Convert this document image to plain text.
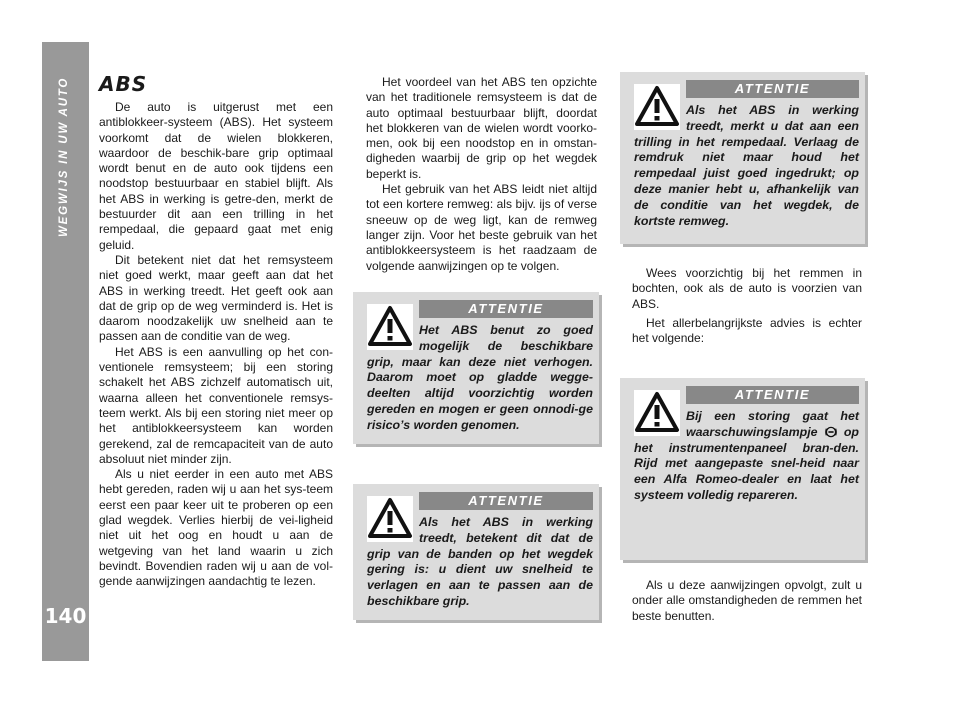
WEGWIJS IN UW AUTO
140
ABS

De auto is uitgerust met een antiblokkeer-systeem (ABS). Het systeem voorkomt dat de wielen blokkeren, waardoor de beschik-bare grip optimaal wordt benut en de auto ook tijdens een noodstop bestuurbaar en stabiel blijft. Als het ABS in werking is getre-den, merkt de bestuurder dit aan een trilling in het rempedaal, die gepaard gaat met enig geluid.

Dit betekent niet dat het remsysteem niet goed werkt, maar geeft aan dat het ABS in werking treedt. Het geeft ook aan dat de grip op de weg verminderd is. Het is daarom noodzakelijk uw snelheid aan te passen aan de conditie van de weg.

Het ABS is een aanvulling op het con-ventionele remsysteem; bij een storing schakelt het ABS zichzelf automatisch uit, waarna alleen het conventionele remsys-teem werkt. Als bij een storing niet meer op het antiblokkeersysteem kan worden gerekend, zal de remcapaciteit van de auto absoluut niet minder zijn.

Als u niet eerder in een auto met ABS hebt gereden, raden wij u aan het sys-teem eerst een paar keer uit te proberen op een glad wegdek. Verlies hierbij de vei-ligheid niet uit het oog en houdt u aan de wetgeving van het land waarin u zich bevindt. Bovendien raden wij u aan de vol-gende aanwijzingen aandachtig te lezen.

Het voordeel van het ABS ten opzichte van het traditionele remsysteem is dat de auto optimaal bestuurbaar blijft, doordat het blokkeren van de wielen wordt voorko-men, ook bij een noodstop en in omstan-digheden waarbij de grip op het wegdek beperkt is.

Het gebruik van het ABS leidt niet altijd tot een kortere remweg: als bijv. ijs of verse sneeuw op de weg ligt, kan de remweg langer zijn. Voor het beste gebruik van het antiblokkeersysteem is het raadzaam de volgende aanwijzingen op te volgen.

ATTENTIE
Het ABS benut zo goed mogelijk de beschikbare grip, maar kan deze niet verhogen. Daarom moet op gladde wegge-deelten altijd voorzichtig worden gereden en mogen er geen onnodi-ge risico’s worden genomen.
ATTENTIE
Als het ABS in werking treedt, betekent dit dat de grip van de banden op het wegdek gering is: u dient uw snelheid te verlagen en aan te passen aan de beschikbare grip.
ATTENTIE
Als het ABS in werking treedt, merkt u dat aan een trilling in het rempedaal. Verlaag de remdruk niet maar houd het rempedaal juist goed ingedrukt; op deze manier hebt u, afhankelijk van de conditie van het wegdek, de kortste remweg.

Wees voorzichtig bij het remmen in bochten, ook als de auto is voorzien van ABS.

Het allerbelangrijkste advies is echter het volgende:

ATTENTIE
Bij een storing gaat het waarschuwingslampje op het instrumentenpaneel bran-den. Rijd met aangepaste snel-heid naar een Alfa Romeo-dealer en laat het systeem volledig repareren.

Als u deze aanwijzingen opvolgt, zult u onder alle omstandigheden de remmen het beste benutten.
